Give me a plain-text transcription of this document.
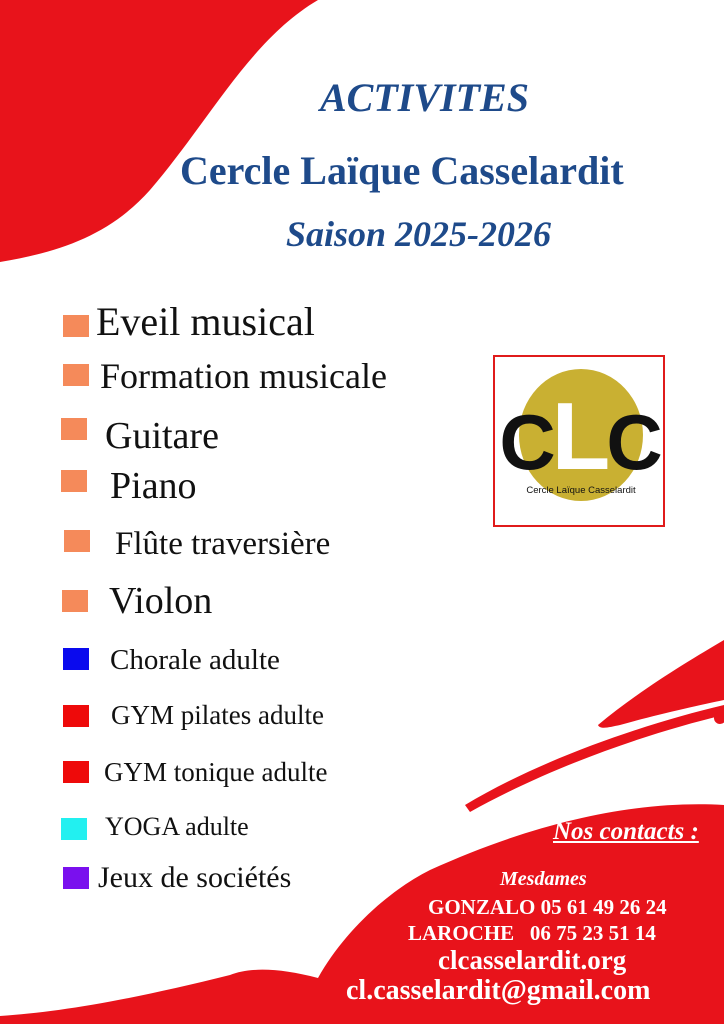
ACTIVITES
Cercle Laïque Casselardit
Saison 2025-2026
Eveil musical
Formation musicale
Guitare
Piano
Flûte traversière
Violon
Chorale adulte
GYM pilates adulte
GYM tonique adulte
YOGA adulte
Jeux de sociétés
CLC
Cercle Laïque Casselardit
Nos contacts :
Mesdames
GONZALO 05 61 49 26 24
LAROCHE   06 75 23 51 14
clcasselardit.org
cl.casselardit@gmail.com
